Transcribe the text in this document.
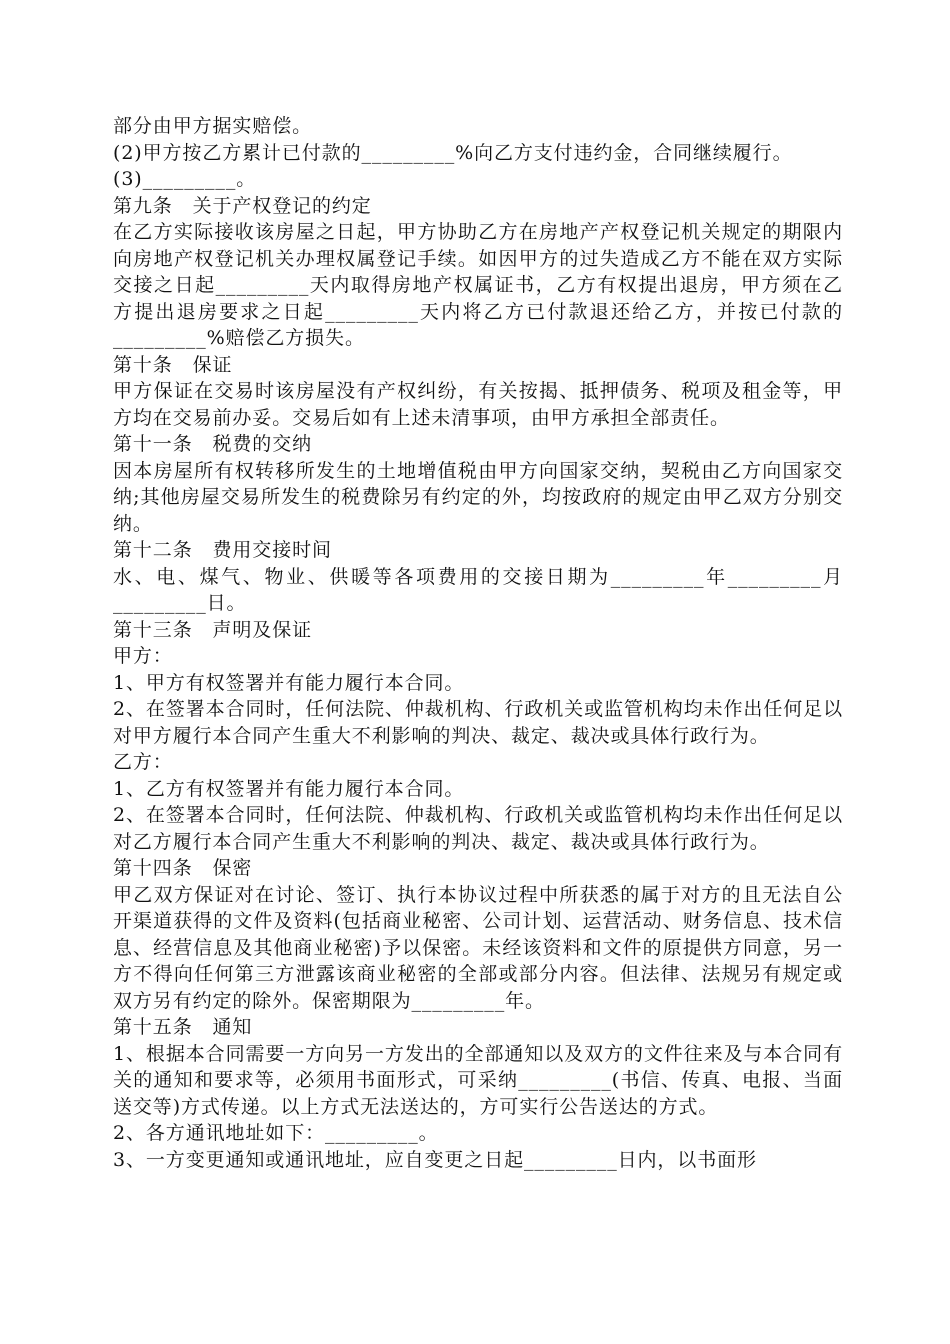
部分由甲方据实赔偿。

(2)甲方按乙方累计已付款的_________%向乙方支付违约金，合同继续履行。

(3)_________。

第九条　关于产权登记的约定

在乙方实际接收该房屋之日起，甲方协助乙方在房地产产权登记机关规定的期限内向房地产权登记机关办理权属登记手续。如因甲方的过失造成乙方不能在双方实际交接之日起_________天内取得房地产权属证书，乙方有权提出退房，甲方须在乙方提出退房要求之日起_________天内将乙方已付款退还给乙方，并按已付款的_________%赔偿乙方损失。

第十条　保证

甲方保证在交易时该房屋没有产权纠纷，有关按揭、抵押债务、税项及租金等，甲方均在交易前办妥。交易后如有上述未清事项，由甲方承担全部责任。

第十一条　税费的交纳

因本房屋所有权转移所发生的土地增值税由甲方向国家交纳，契税由乙方向国家交纳;其他房屋交易所发生的税费除另有约定的外，均按政府的规定由甲乙双方分别交纳。

第十二条　费用交接时间

水、电、煤气、物业、供暖等各项费用的交接日期为_________年_________月_________日。

第十三条　声明及保证

甲方：

1、甲方有权签署并有能力履行本合同。

2、在签署本合同时，任何法院、仲裁机构、行政机关或监管机构均未作出任何足以对甲方履行本合同产生重大不利影响的判决、裁定、裁决或具体行政行为。

乙方：

1、乙方有权签署并有能力履行本合同。

2、在签署本合同时，任何法院、仲裁机构、行政机关或监管机构均未作出任何足以对乙方履行本合同产生重大不利影响的判决、裁定、裁决或具体行政行为。

第十四条　保密

甲乙双方保证对在讨论、签订、执行本协议过程中所获悉的属于对方的且无法自公开渠道获得的文件及资料(包括商业秘密、公司计划、运营活动、财务信息、技术信息、经营信息及其他商业秘密)予以保密。未经该资料和文件的原提供方同意，另一方不得向任何第三方泄露该商业秘密的全部或部分内容。但法律、法规另有规定或双方另有约定的除外。保密期限为_________年。

第十五条　通知

1、根据本合同需要一方向另一方发出的全部通知以及双方的文件往来及与本合同有关的通知和要求等，必须用书面形式，可采纳_________(书信、传真、电报、当面送交等)方式传递。以上方式无法送达的，方可实行公告送达的方式。

2、各方通讯地址如下：_________。

3、一方变更通知或通讯地址，应自变更之日起_________日内，以书面形
